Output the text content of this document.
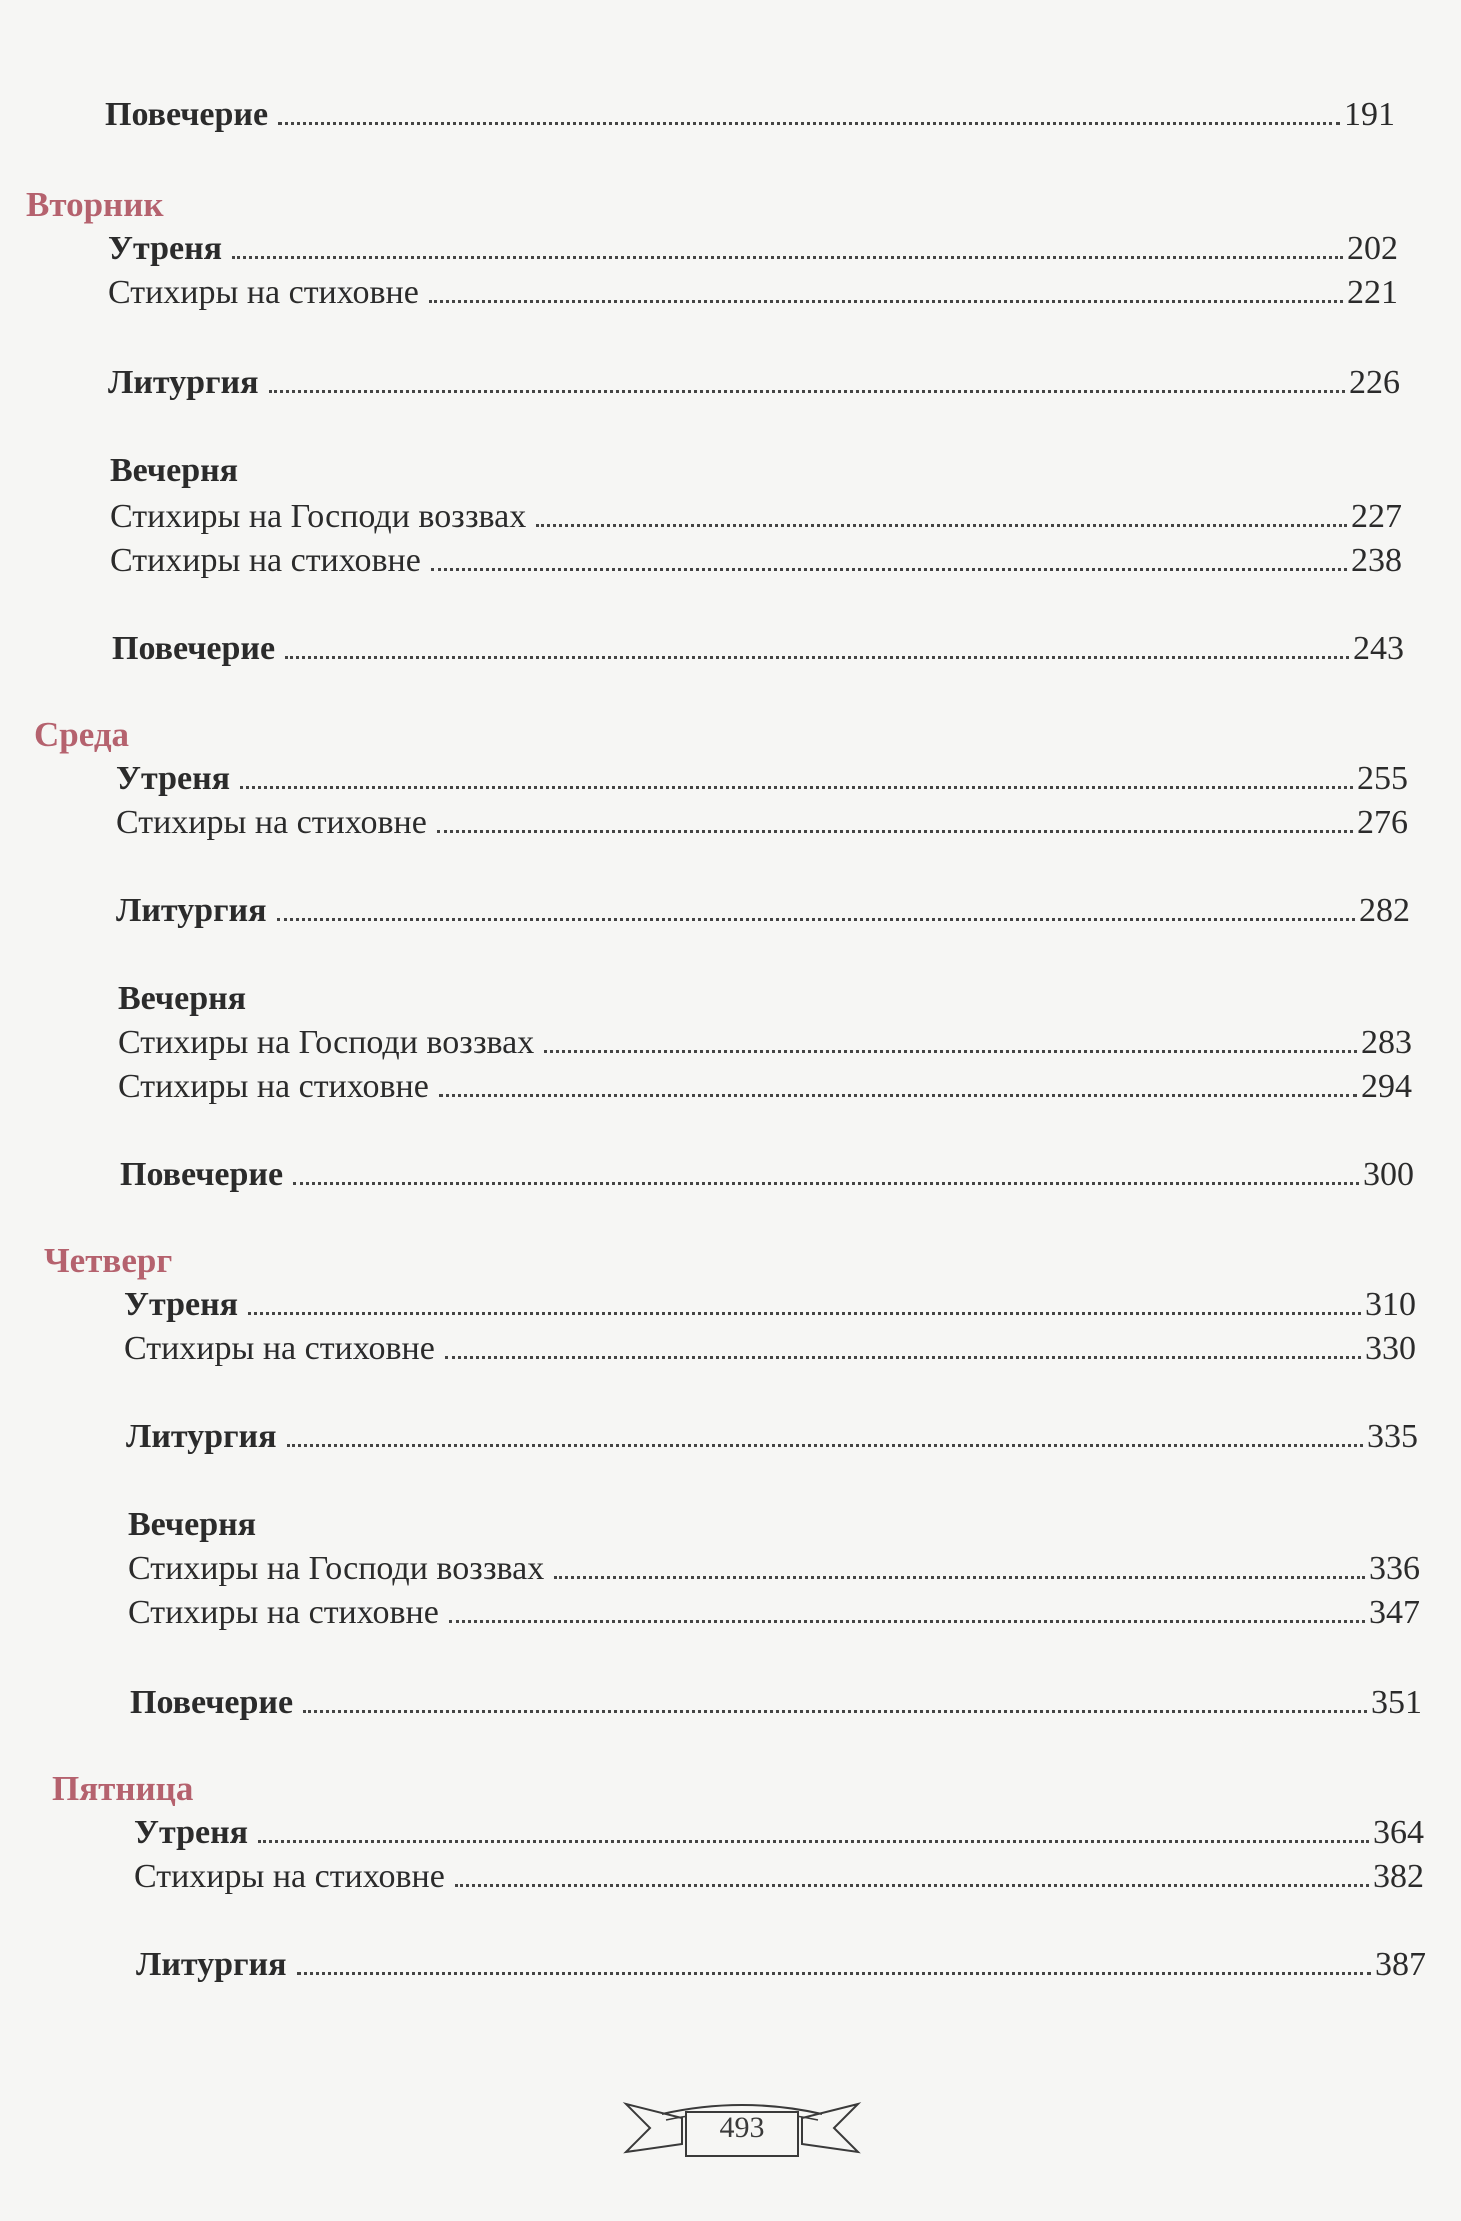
Повечерие	191
Вторник
Утреня	202
Стихиры на стиховне	221
Литургия	226
Вечерня
Стихиры на Господи воззвах	227
Стихиры на стиховне	238
Повечерие	243
Среда
Утреня	255
Стихиры на стиховне	276
Литургия	282
Вечерня
Стихиры на Господи воззвах	283
Стихиры на стиховне	294
Повечерие	300
Четверг
Утреня	310
Стихиры на стиховне	330
Литургия	335
Вечерня
Стихиры на Господи воззвах	336
Стихиры на стиховне	347
Повечерие	351
Пятница
Утреня	364
Стихиры на стиховне	382
Литургия	387
493
